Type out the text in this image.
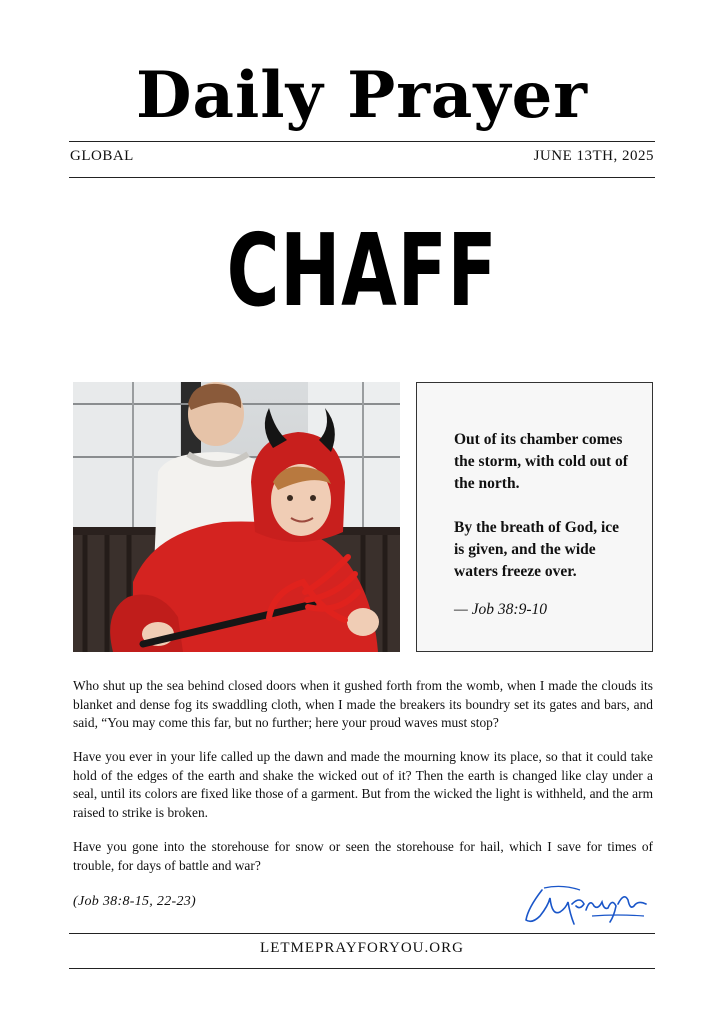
Daily Prayer
GLOBAL	JUNE 13TH, 2025
CHAFF
Out of its chamber comes the storm, with cold out of the north.
By the breath of God, ice is given, and the wide waters freeze over.
— Job 38:9-10
Who shut up the sea behind closed doors when it gushed forth from the womb, when I made the clouds its blanket and dense fog its swaddling cloth, when I made the breakers its boundry set its gates and bars, and said, “You may come this far, but no further; here your proud waves must stop?
Have you ever in your life called up the dawn and made the mourning know its place, so that it could take hold of the edges of the earth and shake the wicked out of it? Then the earth is changed like clay under a seal, until its colors are fixed like those of a garment. But from the wicked the light is withheld, and the arm raised to strike is broken.
Have you gone into the storehouse for snow or seen the storehouse for hail, which I save for times of trouble, for days of battle and war?
(Job 38:8-15, 22-23)
LETMEPRAYFORYOU.ORG
